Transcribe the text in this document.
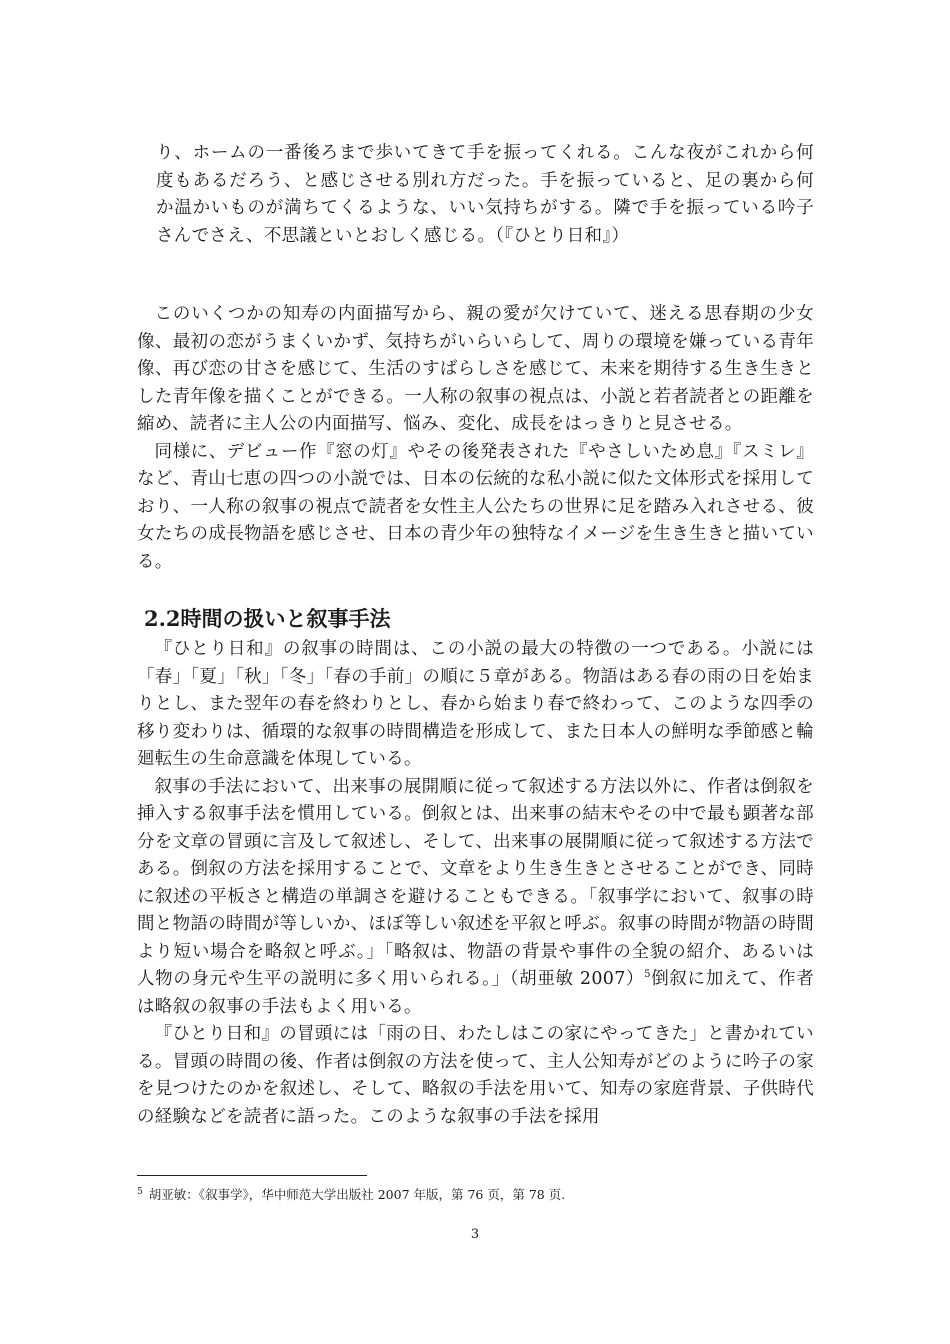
り、ホームの一番後ろまで歩いてきて手を振ってくれる。こんな夜がこれから何度もあるだろう、と感じさせる別れ方だった。手を振っていると、足の裏から何か温かいものが満ちてくるような、いい気持ちがする。隣で手を振っている吟子さんでさえ、不思議といとおしく感じる。（『ひとり日和』）

このいくつかの知寿の内面描写から、親の愛が欠けていて、迷える思春期の少女像、最初の恋がうまくいかず、気持ちがいらいらして、周りの環境を嫌っている青年像、再び恋の甘さを感じて、生活のすばらしさを感じて、未来を期待する生き生きとした青年像を描くことができる。一人称の叙事の視点は、小説と若者読者との距離を縮め、読者に主人公の内面描写、悩み、変化、成長をはっきりと見させる。

同様に、デビュー作『窓の灯』やその後発表された『やさしいため息』『スミレ』など、青山七恵の四つの小説では、日本の伝統的な私小説に似た文体形式を採用しており、一人称の叙事の視点で読者を女性主人公たちの世界に足を踏み入れさせる、彼女たちの成長物語を感じさせ、日本の青少年の独特なイメージを生き生きと描いている。

2.2時間の扱いと叙事手法

『ひとり日和』の叙事の時間は、この小説の最大の特徴の一つである。小説には「春」「夏」「秋」「冬」「春の手前」の順に５章がある。物語はある春の雨の日を始まりとし、また翌年の春を終わりとし、春から始まり春で終わって、このような四季の移り変わりは、循環的な叙事の時間構造を形成して、また日本人の鮮明な季節感と輪廻転生の生命意識を体現している。

叙事の手法において、出来事の展開順に従って叙述する方法以外に、作者は倒叙を挿入する叙事手法を慣用している。倒叙とは、出来事の結末やその中で最も顕著な部分を文章の冒頭に言及して叙述し、そして、出来事の展開順に従って叙述する方法である。倒叙の方法を採用することで、文章をより生き生きとさせることができ、同時に叙述の平板さと構造の単調さを避けることもできる。「叙事学において、叙事の時間と物語の時間が等しいか、ほぼ等しい叙述を平叙と呼ぶ。叙事の時間が物語の時間より短い場合を略叙と呼ぶ。」「略叙は、物語の背景や事件の全貌の紹介、あるいは人物の身元や生平の説明に多く用いられる。」（胡亜敏 2007）$^5$倒叙に加えて、作者は略叙の叙事の手法もよく用いる。

『ひとり日和』の冒頭には「雨の日、わたしはこの家にやってきた」と書かれている。冒頭の時間の後、作者は倒叙の方法を使って、主人公知寿がどのように吟子の家を見つけたのかを叙述し、そして、略叙の手法を用いて、知寿の家庭背景、子供時代の経験などを読者に語った。このような叙事の手法を採用

$^5$ 胡亚敏：《叙事学》，华中师范大学出版社 2007 年版，第 76 页，第 78 页.

3
